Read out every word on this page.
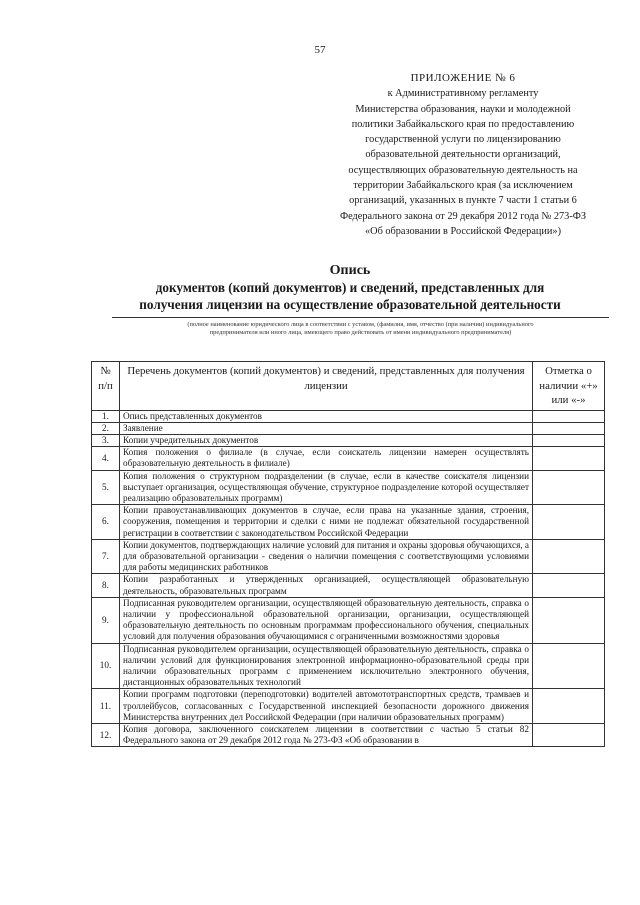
57
ПРИЛОЖЕНИЕ № 6
к Административному регламенту
Министерства образования, науки и молодежной
политики Забайкальского края по предоставлению
государственной услуги по лицензированию
образовательной деятельности организаций,
осуществляющих образовательную деятельность на
территории Забайкальского края (за исключением
организаций, указанных в пункте 7 части 1 статьи 6
Федерального закона от 29 декабря 2012 года № 273-ФЗ
«Об образовании в Российской Федерации»)
Опись
документов (копий документов) и сведений, представленных для
получения лицензии на осуществление образовательной деятельности
(полное наименование юридического лица в соответствии с уставом, (фамилия, имя, отчество (при наличии) индивидуального
предпринимателя или иного лица, имеющего право действовать от имени индивидуального предпринимателя)
№ п/п	Перечень документов (копий документов) и сведений, представленных для получения лицензии	Отметка о наличии «+» или «-»
1.	Опись представленных документов	
2.	Заявление	
3.	Копии учредительных документов	
4.	Копия положения о филиале (в случае, если соискатель лицензии намерен осуществлять образовательную деятельность в филиале)	
5.	Копия положения о структурном подразделении (в случае, если в качестве соискателя лицензии выступает организация, осуществляющая обучение, структурное подразделение которой осуществляет реализацию образовательных программ)	
6.	Копии правоустанавливающих документов в случае, если права на указанные здания, строения, сооружения, помещения и территории и сделки с ними не подлежат обязательной государственной регистрации в соответствии с законодательством Российской Федерации	
7.	Копии документов, подтверждающих наличие условий для питания и охраны здоровья обучающихся, а для образовательной организации - сведения о наличии помещения с соответствующими условиями для работы медицинских работников	
8.	Копии разработанных и утвержденных организацией, осуществляющей образовательную деятельность, образовательных программ	
9.	Подписанная руководителем организации, осуществляющей образовательную деятельность, справка о наличии у профессиональной образовательной организации, организации, осуществляющей образовательную деятельность по основным программам профессионального обучения, специальных условий для получения образования обучающимися с ограниченными возможностями здоровья	
10.	Подписанная руководителем организации, осуществляющей образовательную деятельность, справка о наличии условий для функционирования электронной информационно-образовательной среды при наличии образовательных программ с применением исключительно электронного обучения, дистанционных образовательных технологий	
11.	Копии программ подготовки (переподготовки) водителей автомототранспортных средств, трамваев и троллейбусов, согласованных с Государственной инспекцией безопасности дорожного движения Министерства внутренних дел Российской Федерации (при наличии образовательных программ)	
12.	Копия договора, заключенного соискателем лицензии в соответствии с частью 5 статьи 82 Федерального закона от 29 декабря 2012 года № 273-ФЗ «Об образовании в	
